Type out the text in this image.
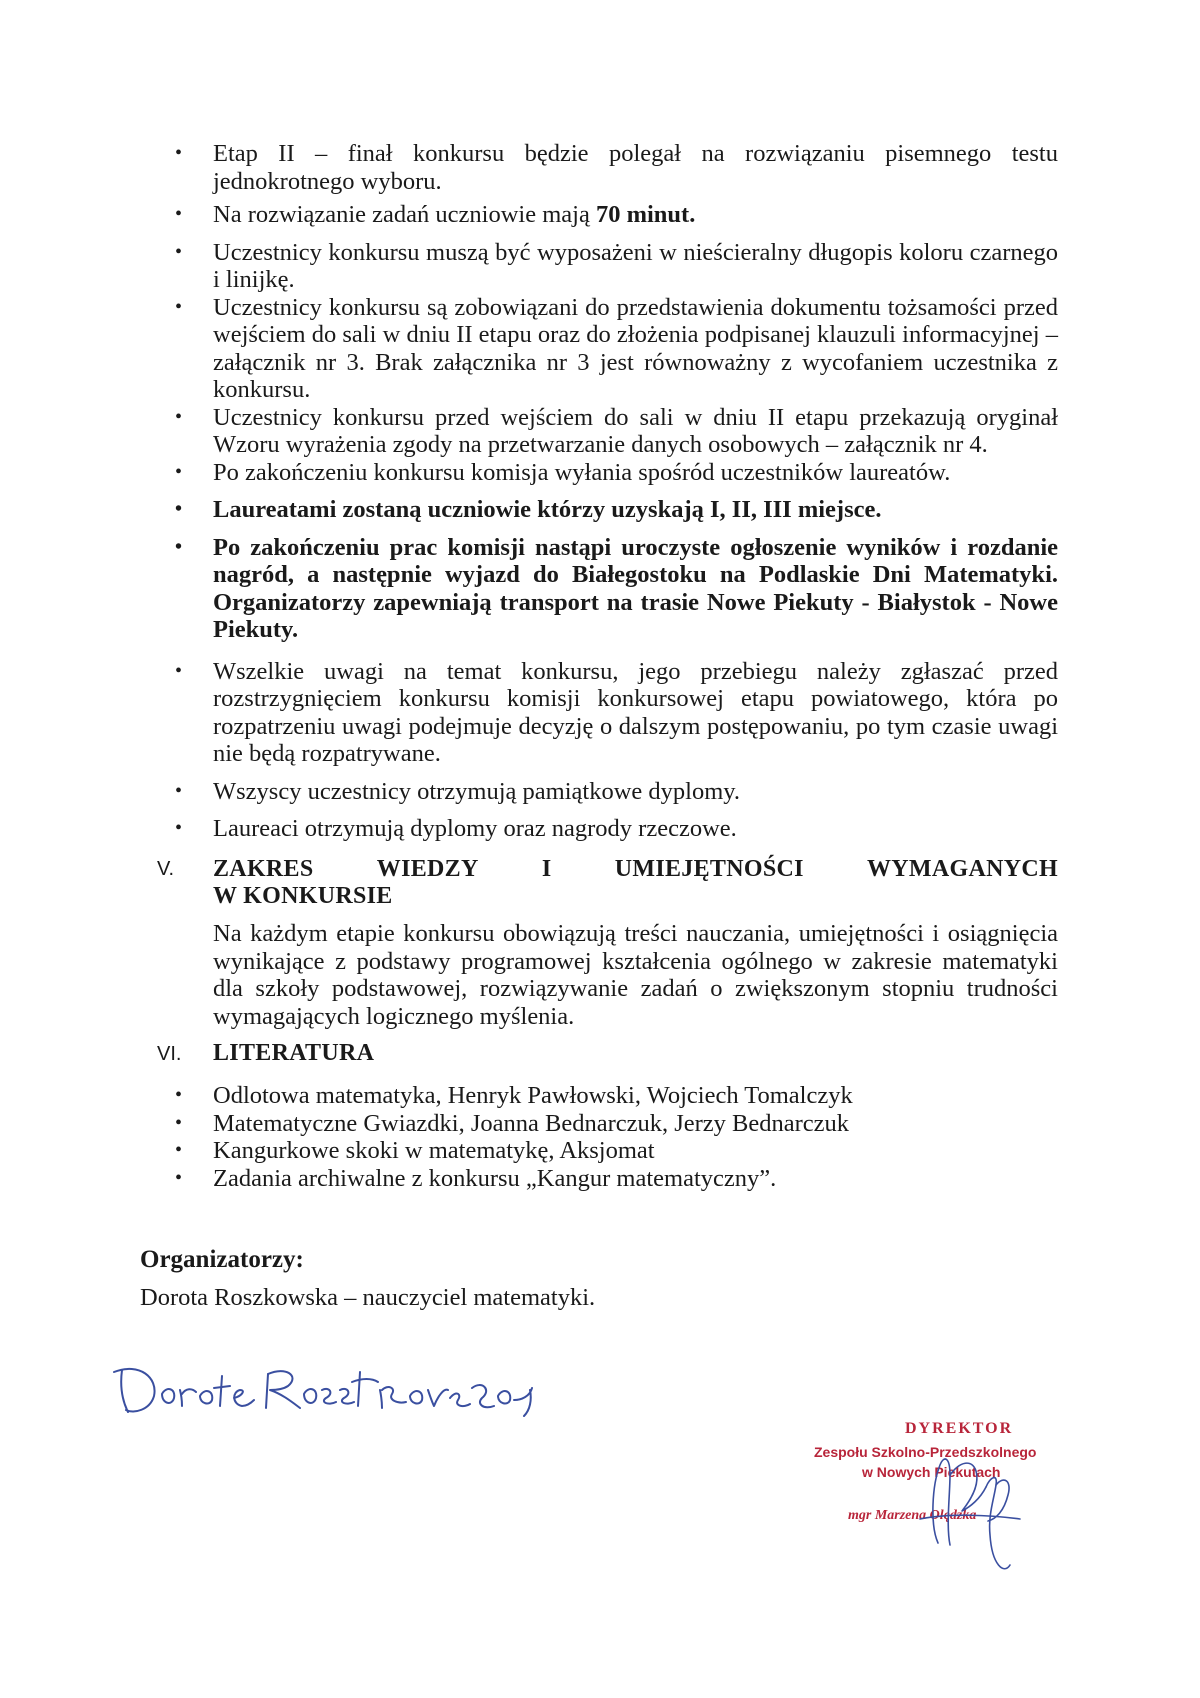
• Etap II – finał konkursu będzie polegał na rozwiązaniu pisemnego testu jednokrotnego wyboru.
• Na rozwiązanie zadań uczniowie mają 70 minut.
• Uczestnicy konkursu muszą być wyposażeni w nieścieralny długopis koloru czarnego i linijkę.
• Uczestnicy konkursu są zobowiązani do przedstawienia dokumentu tożsamości przed wejściem do sali w dniu II etapu oraz do złożenia podpisanej klauzuli informacyjnej – załącznik nr 3. Brak załącznika nr 3 jest równoważny z wycofaniem uczestnika z konkursu.
• Uczestnicy konkursu przed wejściem do sali w dniu II etapu przekazują oryginał Wzoru wyrażenia zgody na przetwarzanie danych osobowych – załącznik nr 4.
• Po zakończeniu konkursu komisja wyłania spośród uczestników laureatów.
• Laureatami zostaną uczniowie którzy uzyskają I, II, III miejsce.
• Po zakończeniu prac komisji nastąpi uroczyste ogłoszenie wyników i rozdanie nagród, a następnie wyjazd do Białegostoku na Podlaskie Dni Matematyki. Organizatorzy zapewniają transport na trasie Nowe Piekuty - Białystok - Nowe Piekuty.
• Wszelkie uwagi na temat konkursu, jego przebiegu należy zgłaszać przed rozstrzygnięciem konkursu komisji konkursowej etapu powiatowego, która po rozpatrzeniu uwagi podejmuje decyzję o dalszym postępowaniu, po tym czasie uwagi nie będą rozpatrywane.
• Wszyscy uczestnicy otrzymują pamiątkowe dyplomy.
• Laureaci otrzymują dyplomy oraz nagrody rzeczowe.
V. ZAKRES	WIEDZY	I	UMIEJĘTNOŚCI	WYMAGANYCH
W KONKURSIE
Na każdym etapie konkursu obowiązują treści nauczania, umiejętności i osiągnięcia wynikające z podstawy programowej kształcenia ogólnego w zakresie matematyki dla szkoły podstawowej, rozwiązywanie zadań o zwiększonym stopniu trudności wymagających logicznego myślenia.
VI. LITERATURA
• Odlotowa matematyka, Henryk Pawłowski, Wojciech Tomalczyk
• Matematyczne Gwiazdki, Joanna Bednarczuk, Jerzy Bednarczuk
• Kangurkowe skoki w matematykę, Aksjomat
• Zadania archiwalne z konkursu „Kangur matematyczny”.
Organizatorzy:
Dorota Roszkowska – nauczyciel matematyki.
DYREKTOR
Zespołu Szkolno-Przedszkolnego
w Nowych Piekutach
mgr Marzena Olędzka
